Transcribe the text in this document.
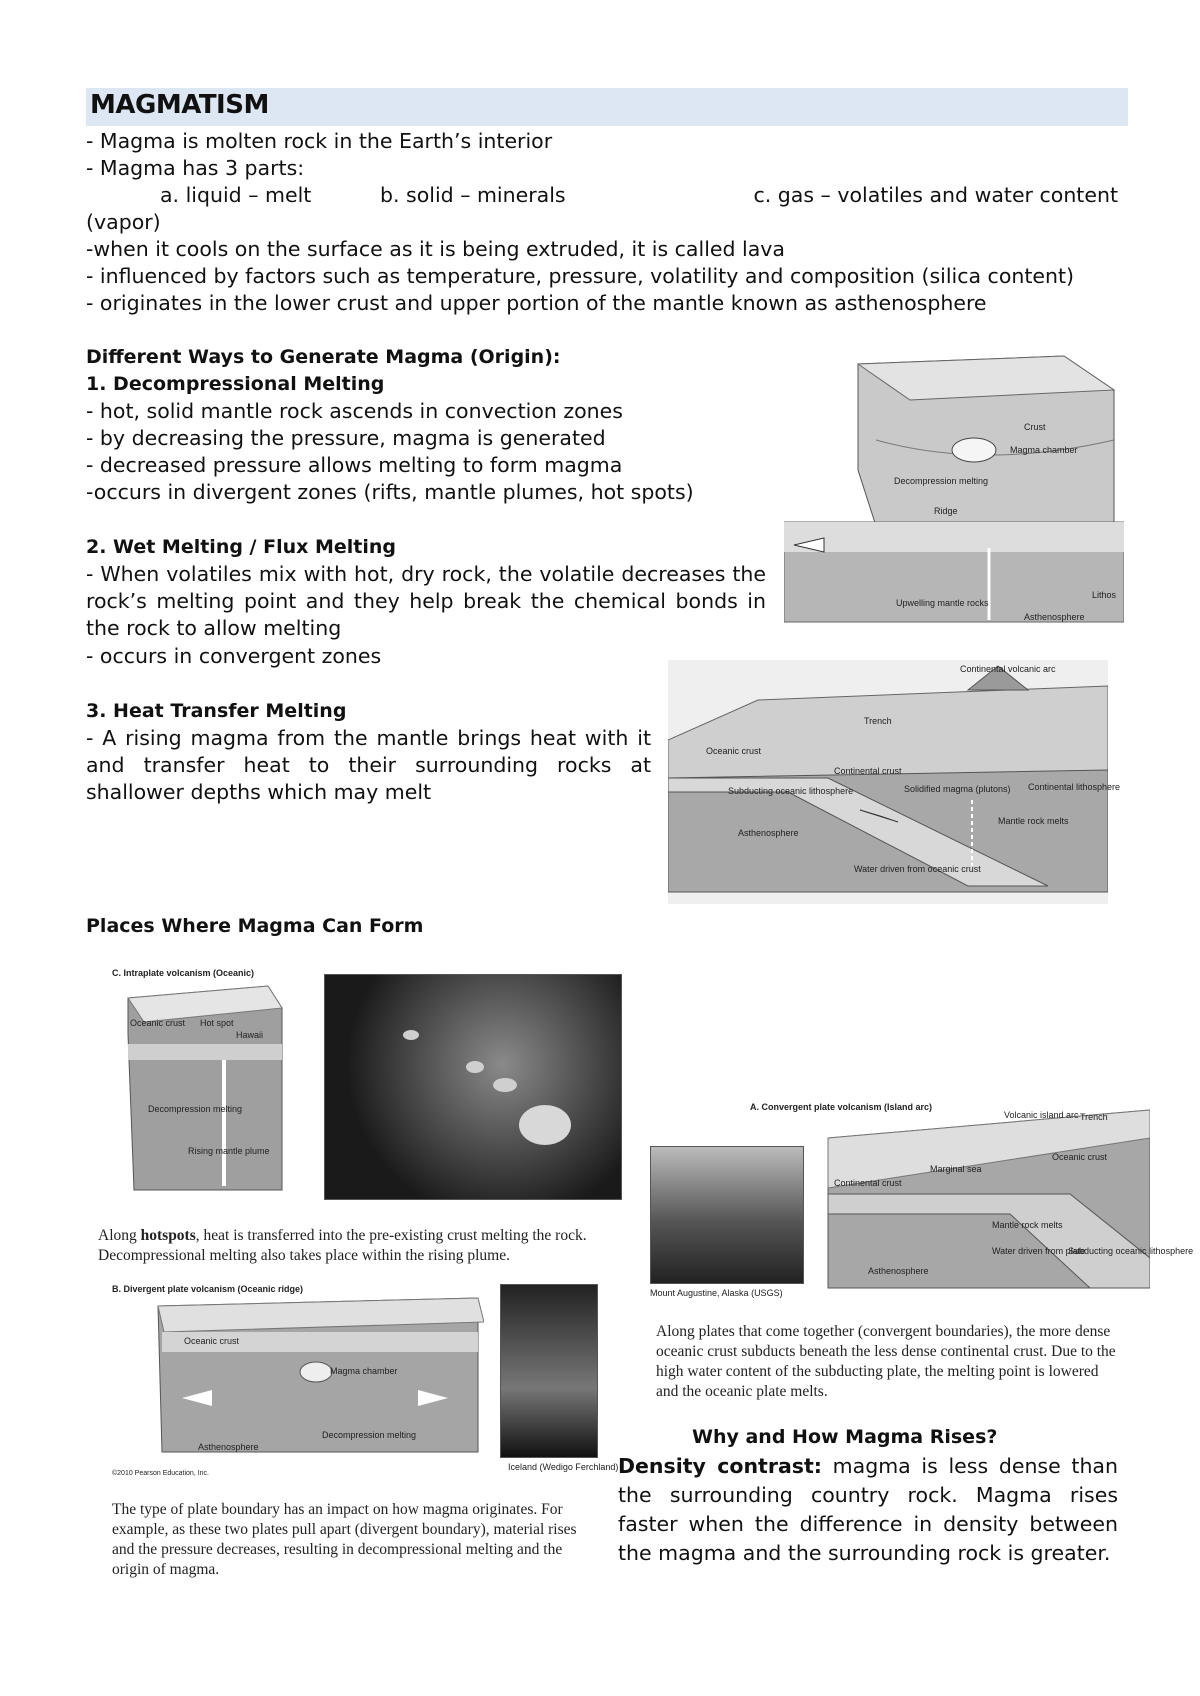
MAGMATISM
- Magma is molten rock in the Earth’s interior
- Magma has 3 parts:
a. liquid – melt	b. solid – minerals	c. gas – volatiles and water content
(vapor)
-when it cools on the surface as it is being extruded, it is called lava
- influenced by factors such as temperature, pressure, volatility and composition (silica content)
- originates in the lower crust and upper portion of the mantle known as asthenosphere
Different Ways to Generate Magma (Origin):
1. Decompressional Melting
- hot, solid mantle rock ascends in convection zones
- by decreasing the pressure, magma is generated
- decreased pressure allows melting to form magma
-occurs in divergent zones (rifts, mantle plumes, hot spots)
2. Wet Melting / Flux Melting
- When volatiles mix with hot, dry rock, the volatile decreases the rock’s melting point and they help break the chemical bonds in the rock to allow melting
- occurs in convergent zones
3. Heat Transfer Melting
- A rising magma from the mantle brings heat with it and transfer heat to their surrounding rocks at shallower depths which may melt
Crust
Magma chamber
Decompression melting
Ridge
Upwelling mantle rocks
Asthenosphere
Lithos
Continental volcanic arc
Trench
Oceanic crust
Continental crust
Subducting oceanic lithosphere	Solidified magma (plutons) Continental lithosphere
Mantle rock melts
Asthenosphere
Water driven from oceanic crust
Places Where Magma Can Form
C. Intraplate volcanism (Oceanic)
Oceanic crust Hot spot
Hawaii
Decompression melting
Rising mantle plume
Along hotspots, heat is transferred into the pre-existing crust melting the rock. Decompressional melting also takes place within the rising plume.
B. Divergent plate volcanism (Oceanic ridge)
Oceanic crust
Magma chamber
Decompression melting
Asthenosphere
©2010 Pearson Education, Inc.
Iceland (Wedigo Ferchland)
The type of plate boundary has an impact on how magma originates. For example, as these two plates pull apart (divergent boundary), material rises and the pressure decreases, resulting in decompressional melting and the origin of magma.
A. Convergent plate volcanism (Island arc)
Volcanic island arc Trench
Marginal sea
Continental crust
Oceanic crust
Mantle rock melts
Water driven from plate
Asthenosphere
Subducting oceanic lithosphere
Mount Augustine, Alaska (USGS)
Along plates that come together (convergent boundaries), the more dense oceanic crust subducts beneath the less dense continental crust. Due to the high water content of the subducting plate, the melting point is lowered and the oceanic plate melts.
Why and How Magma Rises?
Density contrast: magma is less dense than the surrounding country rock. Magma rises faster when the difference in density between the magma and the surrounding rock is greater.
